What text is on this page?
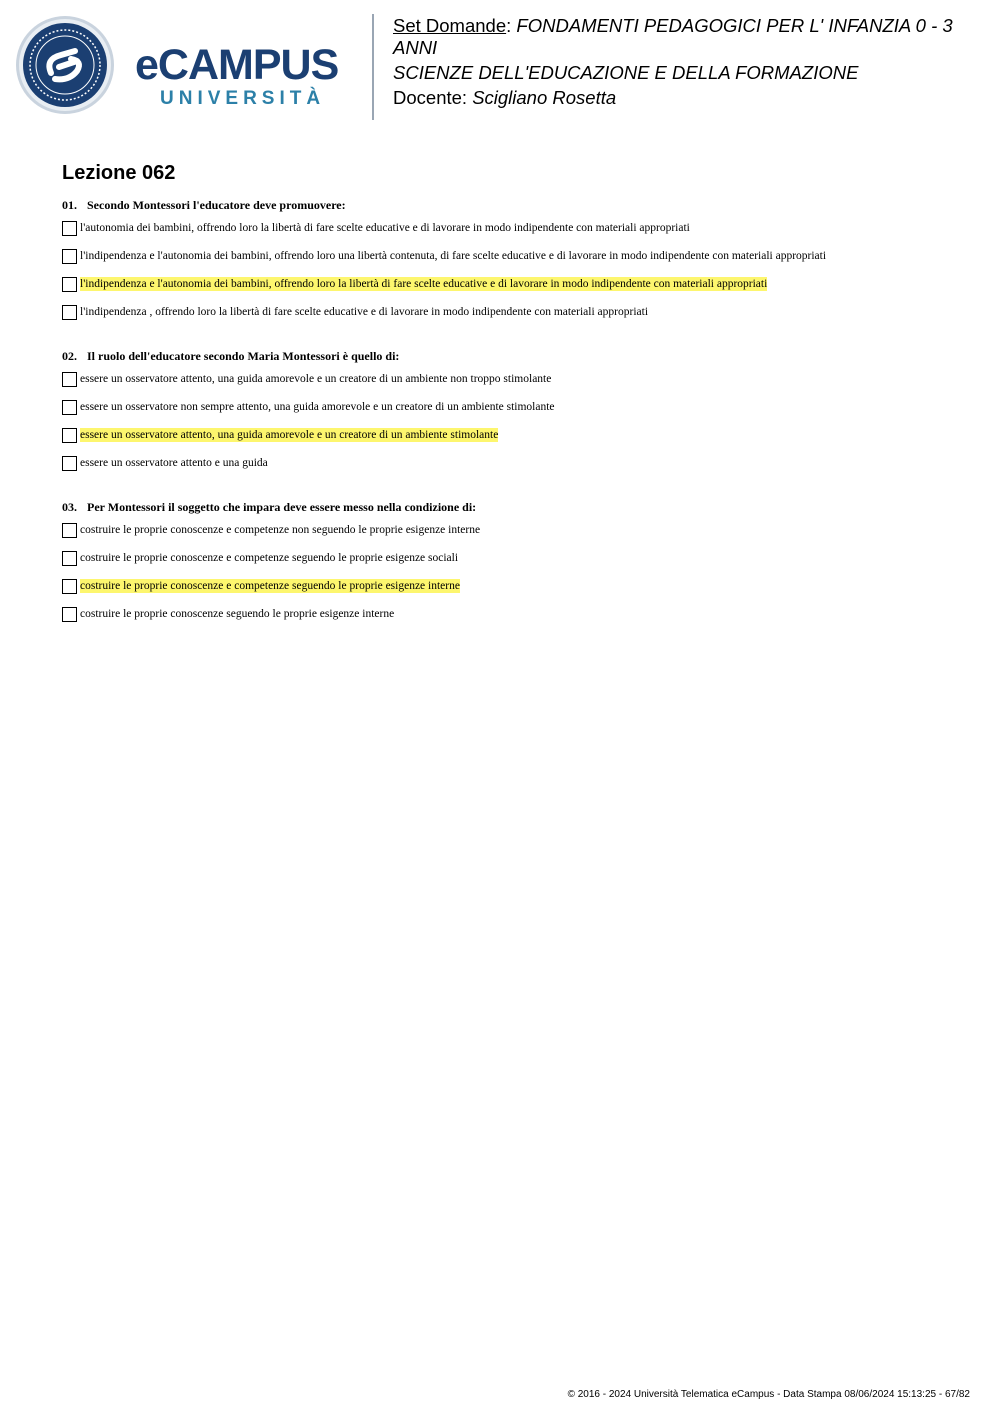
eCAMPUS
UNIVERSITÀ
Set Domande: FONDAMENTI PEDAGOGICI PER L' INFANZIA 0 - 3
ANNI
SCIENZE DELL'EDUCAZIONE E DELLA FORMAZIONE
Docente: Scigliano Rosetta
Lezione 062
01. Secondo Montessori l'educatore deve promuovere:
l'autonomia dei bambini, offrendo loro la libertà di fare scelte educative e di lavorare in modo indipendente con materiali appropriati
l'indipendenza e l'autonomia dei bambini, offrendo loro una libertà contenuta, di fare scelte educative e di lavorare in modo indipendente con materiali appropriati
l'indipendenza e l'autonomia dei bambini, offrendo loro la libertà di fare scelte educative e di lavorare in modo indipendente con materiali appropriati
l'indipendenza , offrendo loro la libertà di fare scelte educative e di lavorare in modo indipendente con materiali appropriati
02. Il ruolo dell'educatore secondo Maria Montessori è quello di:
essere un osservatore attento, una guida amorevole e un creatore di un ambiente non troppo stimolante
essere un osservatore non sempre attento, una guida amorevole e un creatore di un ambiente stimolante
essere un osservatore attento, una guida amorevole e un creatore di un ambiente stimolante
essere un osservatore attento e una guida
03. Per Montessori il soggetto che impara deve essere messo nella condizione di:
costruire le proprie conoscenze e competenze non seguendo le proprie esigenze interne
costruire le proprie conoscenze e competenze seguendo le proprie esigenze sociali
costruire le proprie conoscenze e competenze seguendo le proprie esigenze interne
costruire le proprie conoscenze seguendo le proprie esigenze interne
© 2016 - 2024 Università Telematica eCampus - Data Stampa 08/06/2024 15:13:25 - 67/82
